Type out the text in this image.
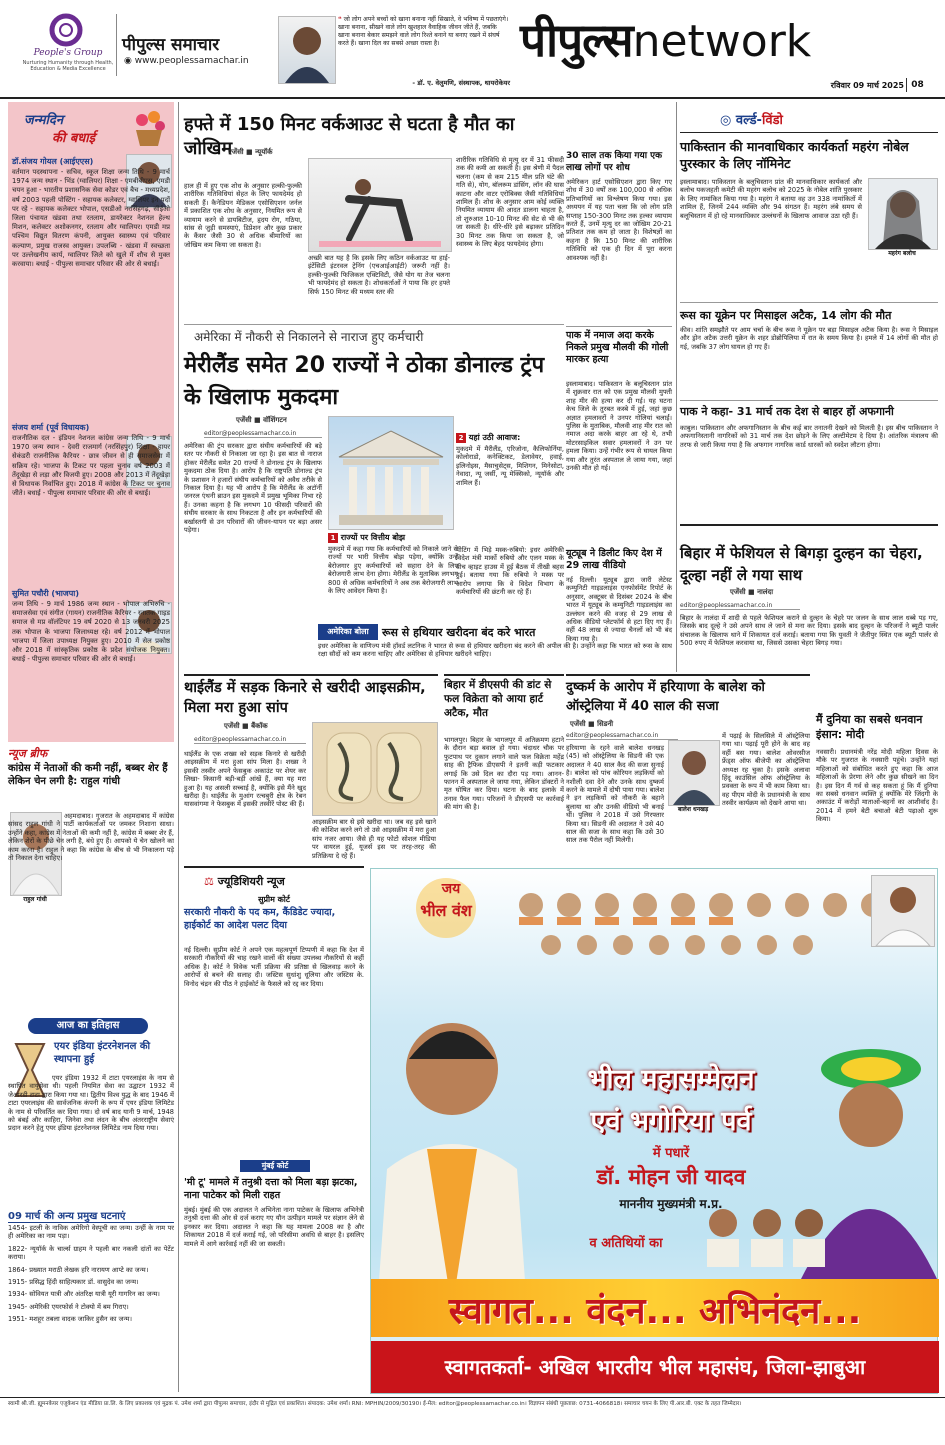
People's Group
Nurturing Humanity through Health, Education & Media Excellence
पीपुल्स समाचार
◉ www.peoplessamachar.in
❝ जो लोग अपने बच्चों को खाना बनाना नहीं सिखाते, वे भविष्य में पछताएंगे। खाना बनाना, सीखने वाले लोग खुशहाल वैवाहिक जीवन जीते हैं, जबकि खाना बनाना बेकार समझने वाले लोग रिश्ते बनाने या बनाए रखने में संघर्ष करते हैं। खाना दिल का सबसे अच्छा रास्ता है।
- डॉ. ए. वेलुमणि, संस्थापक, थायरोकेयर
पीपुल्सnetwork
रविवार 09 मार्च 2025 08
जन्मदिन
की बधाई
डॉ.संजय गोयल (आईएएस)
वर्तमान पदस्थापना - सचिव, स्कूल शिक्षा जन्म तिथि - 9 मार्च 1974 जन्म स्थान - भिंड (ग्वालियर) शिक्षा - एमबीबीएस, एमडी चयन हुआ - भारतीय प्रशासनिक सेवा कोडर एवं बैच - मध्यप्रदेश, वर्ष 2003 पहली पोस्टिंग - सहायक कलेक्टर, ग्वालियर इन पदों पर रहे - सहायक कलेक्टर भोपाल, एसडीओ नरसिंहगढ़, सीईओ जिला पंचायत खंडवा तथा रतलाम, डायरेक्टर नेशनल हेल्थ मिशन, कलेक्टर अशोकनगर, रतलाम और ग्वालियर। एमडी मप्र पश्चिम विद्युत वितरण कंपनी, आयुक्त स्वास्थ्य एवं परिवार कल्याण, प्रमुख राजस्व आयुक्त। उपलब्धि - खंडवा में स्वच्छता पर उल्लेखनीय कार्य, ग्वालियर जिले को खुले में शौच से मुक्त करवाया। बधाई - पीपुल्स समाचार परिवार की ओर से बधाई।
संजय शर्मा (पूर्व विधायक)
राजनीतिक दल - इंडियन नेशनल कांग्रेस जन्म तिथि - 9 मार्च 1970 जन्म स्थान - देवरी राजमार्ग (नरसिंहपुर) शिक्षा - हायर सेकंडरी राजनीतिक कैरियर - छात्र जीवन से ही समाजसेवा में सक्रिय रहे। भाजपा के टिकट पर पहला चुनाव वर्ष 2003 में तेंदूखेड़ा से लड़ा और विजयी हुए। 2008 और 2013 में तेंदूखेड़ा से विधायक निर्वाचित हुए। 2018 में कांग्रेस के टिकट पर चुनाव जीते। बधाई - पीपुल्स समाचार परिवार की ओर से बधाई।
सुमित पचौरी (भाजपा)
जन्म तिथि - 9 मार्च 1986 जन्म स्थान - भोपाल अभिरुचि - समाजसेवा एवं संगीत (गायन) राजनीतिक कैरियर - स्नातक गाइड समाज से मप्र वॉलंटियर 19 वर्ष 2020 से 13 जनवरी 2025 तक भोपाल के भाजपा जिलाध्यक्ष रहे। वर्ष 2012 में भोपाल भाजपा में जिला उपाध्यक्ष नियुक्त हुए। 2010 में सेल प्रकोष्ठ और 2018 में सांस्कृतिक प्रकोष्ठ के प्रदेश संयोजक नियुक्त। बधाई - पीपुल्स समाचार परिवार की ओर से बधाई।
न्यूज ब्रीफ
कांग्रेस में नेताओं की कमी नहीं, बब्बर शेर हैं लेकिन चेन लगी है: राहुल गांधी
राहुल गांधी
अहमदाबाद। गुजरात के अहमदाबाद में कांग्रेस सांसद राहुल गांधी ने पार्टी कार्यकर्ताओं पर जमकर निशाना साधा। उन्होंने कहा, कांग्रेस में नेताओं की कमी नहीं है, कांग्रेस में बब्बर शेर हैं, लेकिन शेरों के पीछे चेन लगी है, बंधे हुए हैं। आपको ये चेन खोलने का काम करना है। राहुल ने कहा कि कांग्रेस के बीच से भी निकालना पड़े तो निकाल देना चाहिए।
आज का इतिहास
एयर इंडिया इंटरनेशनल की स्थापना हुई
एयर इंडिया 1932 में टाटा एयरलाइंस के नाम से स्थापित वायुसेवा थी। पहली नियमित सेवा का उद्घाटन 1932 में जेआरडी टाटा द्वारा किया गया था। द्वितीय विश्व युद्ध के बाद 1946 में टाटा एयरलाइंस की सार्वजनिक कंपनी के रूप में एयर इंडिया लिमिटेड के नाम से परिवर्तित कर दिया गया। दो वर्ष बाद यानी 9 मार्च, 1948 को बंबई और काहिरा, जिनेवा तथा लंदन के बीच अंतरराष्ट्रीय सेवाएं प्रदान करने हेतु एयर इंडिया इंटरनेशनल लिमिटेड नाम दिया गया।
09 मार्च की अन्य प्रमुख घटनाएं
1454- इटली के नाविक अमेरिगो वेस्पूची का जन्म। उन्हीं के नाम पर ही अमेरिका का नाम पड़ा।
1822- न्यूयॉर्क के चार्ल्स ग्राहम ने पहली बार नकली दांतों का पेटेंट कराया।
1864- प्रख्यात मराठी लेखक हरि नारायण आप्टे का जन्म।
1915- प्रसिद्ध हिंदी साहित्यकार डॉ. वासुदेव का जन्म।
1934- सोवियत यात्री और अंतरिक्ष यात्री यूरी गागरिन का जन्म।
1945- अमेरिकी एयरफोर्स ने टोक्यो में बम गिराए।
1951- मशहूर तबला वादक जाकिर हुसैन का जन्म।
हफ्ते में 150 मिनट वर्कआउट से घटता है मौत का जोखिम
एजेंसी ■ न्यूयॉर्क
हाल ही में हुए एक शोध के अनुसार हल्की-फुल्की शारीरिक गतिविधियां सेहत के लिए फायदेमंद हो सकती हैं। कैनेडियन मेडिकल एसोसिएशन जर्नल में प्रकाशित एक शोध के अनुसार, नियमित रूप से व्यायाम करने से डायबिटीज, हृदय रोग, गठिया, सांस से जुड़ी समस्याएं, डिप्रेशन और कुछ प्रकार के कैंसर जैसी 30 से अधिक बीमारियों का जोखिम कम किया जा सकता है।
अच्छी बात यह है कि इसके लिए कठिन वर्कआउट या हाई-इंटेंसिटी इंटरवल ट्रेनिंग (एचआईआईटी) जरूरी नहीं है। हल्की-फुल्की फिजिकल एक्टिविटी, जैसे योग या तेज चलना भी फायदेमंद हो सकता है। शोधकर्ताओं ने पाया कि हर हफ्ते सिर्फ 150 मिनट की मध्यम स्तर की
शारीरिक गतिविधि से मृत्यु दर में 31 फीसदी तक की कमी आ सकती है। इस श्रेणी में पैदल चलना (कम से कम 215 मील प्रति घंटे की गति से), योग, बॉलरूम डांसिंग, लॉन की घास काटना और वाटर एरोबिक्स जैसी गतिविधियां शामिल हैं। शोध के अनुसार आम कोई व्यक्ति नियमित व्यायाम की आदत डालना चाहता है, तो शुरुआत 10-10 मिनट की सेट से भी की जा सकती है। धीरे-धीरे इसे बढ़ाकर प्रतिदिन 30 मिनट तक किया जा सकता है, जो स्वास्थ्य के लिए बेहद फायदेमंद होगा।
30 साल तक किया गया एक लाख लोगों पर शोध
अमेरिकन हार्ट एसोसिएशन द्वारा किए गए शोध में 30 वर्षों तक 100,000 से अधिक प्रतिभागियों का विश्लेषण किया गया। इस अध्ययन में यह पता चला कि जो लोग प्रति सप्ताह 150-300 मिनट तक हल्का व्यायाम करते हैं, उनमें मृत्यु दर का जोखिम 20-21 प्रतिशत तक कम हो जाता है। विशेषज्ञों का कहना है कि 150 मिनट की शारीरिक गतिविधि को एक ही दिन में पूरा करना आवश्यक नहीं है।
अमेरिका में नौकरी से निकालने से नाराज हुए कर्मचारी
मेरीलैंड समेत 20 राज्यों ने ठोका डोनाल्ड ट्रंप के खिलाफ मुकदमा
एजेंसी ■ वॉशिंगटन
editor@peoplessamachar.co.in
अमेरिका की ट्रंप सरकार द्वारा संघीय कर्मचारियों की बड़े स्तर पर नौकरी से निकाला जा रहा है। इस बात से नाराज होकर मेरीलैंड समेत 20 राज्यों ने डोनाल्ड ट्रंप के खिलाफ मुकदमा ठोक दिया है। आरोप है कि राष्ट्रपति डोनाल्ड ट्रंप के प्रशासन ने हजारों संघीय कर्मचारियों को अवैध तरीके से निकाल दिया है। यह भी आरोप है कि मेरीलैंड के अटॉर्नी जनरल एंथनी ब्राउन इस मुकदमे में प्रमुख भूमिका निभा रहे हैं। उनका कहना है कि लगभग 10 फीसदी परिवारों की संघीय सरकार के साथ निकटता है और इन कर्मचारियों की बर्खास्तगी से उन परिवारों की जीवन-यापन पर बड़ा असर पड़ेगा।
1 राज्यों पर वित्तीय बोझ
मुकदमे में कहा गया कि कर्मचारियों को निकाले जाने से राज्यों पर भारी वित्तीय बोझ पड़ेगा, क्योंकि उन्हें बेरोजगार हुए कर्मचारियों को सहारा देने के लिए बेरोजगारी लाभ देना होगा। मेरीलैंड के मुताबिक लगभग 800 से अधिक कर्मचारियों ने अब तक बेरोजगारी लाभ के लिए आवेदन किया है।
2 यहां उठी आवाज:
मुकदमे में मैरीलैंड, एरिजोना, कैलिफोर्निया, कोलोराडो, कनेक्टिकट, डेलावेयर, हवाई, इलिनोइस, मैसाचुसेट्स, मिशिगन, मिनेसोटा, नेवादा, न्यू जर्सी, न्यू मेक्सिको, न्यूयॉर्क और शामिल हैं।
मीटिंग में भिड़े मस्क-रुबियो: इधर अमेरिकी विदेश मंत्री मार्को रुबियो और एलन मस्क के बीच व्हाइट हाउस में हुई बैठक में तीखी बहस हुई। बताया गया कि रुबियो ने मस्क पर आरोप लगाया कि वे विदेश विभाग के कर्मचारियों की छंटनी कर रहे हैं।
अमेरिका बोला	रूस से हथियार खरीदना बंद करे भारत
इधर अमेरिका के वाणिज्य मंत्री हॉवर्ड लटनिक ने भारत से रूस से हथियार खरीदना बंद करने की अपील की है। उन्होंने कहा कि भारत को रूस के साथ रक्षा सौदों को कम करना चाहिए और अमेरिका से हथियार खरीदने चाहिए।
पाक में नमाज अदा करके निकले प्रमुख मौलवी की गोली मारकर हत्या
इस्लामाबाद। पाकिस्तान के बलूचिस्तान प्रांत में शुक्रवार रात को एक प्रमुख मौलवी मुफ्ती शाह मीर की हत्या कर दी गई। यह घटना केच जिले के तुरबत कस्बे में हुई, जहां कुछ अज्ञात हमलावरों ने उनपर गोलियां चलाईं। पुलिस के मुताबिक, मौलवी शाह मीर रात को नमाज अदा करके बाहर आ रहे थे, तभी मोटरसाइकिल सवार हमलावरों ने उन पर हमला किया। उन्हें गंभीर रूप से घायल किया गया और तुरंत अस्पताल ले जाया गया, जहां उनकी मौत हो गई।
यूट्यूब ने डिलीट किए देश में 29 लाख वीडियो
नई दिल्ली। यूट्यूब द्वारा जारी लेटेस्ट कम्युनिटी गाइडलाइंस एनफोर्समेंट रिपोर्ट के अनुसार, अक्टूबर से दिसंबर 2024 के बीच भारत में यूट्यूब के कम्युनिटी गाइडलाइंस का उल्लंघन करने की वजह से 29 लाख से अधिक वीडियो प्लेटफॉर्म से हटा दिए गए हैं। वहीं 48 लाख से ज्यादा चैनलों को भी बंद किया गया है।
◎ वर्ल्ड-विंडो
पाकिस्तान की मानवाधिकार कार्यकर्ता महरंग नोबेल पुरस्कार के लिए नॉमिनेट
इस्लामाबाद। पाकिस्तान के बलूचिस्तान प्रांत की मानवाधिकार कार्यकर्ता और बलोच यकजहती कमेटी की महरंग बलोच को 2025 के नोबेल शांति पुरस्कार के लिए नामांकित किया गया है। महरंग ने बताया वह उन 338 नामांकितों में शामिल हैं, जिनमें 244 व्यक्ति और 94 संगठन हैं। महरंग लंबे समय से बलूचिस्तान में हो रहे मानवाधिकार उल्लंघनों के खिलाफ आवाज उठा रही हैं।
महरंग बलोच
रूस का यूक्रेन पर मिसाइल अटैक, 14 लोग की मौत
कीव। शांति समझौते पर आम चर्चा के बीच रूस ने यूक्रेन पर बड़ा मिसाइल अटैक किया है। रूस ने मिसाइल और ड्रोन अटैक उत्तरी यूक्रेन के शहर डोब्रोपिलिया में रात के समय किया है। हमले में 14 लोगों की मौत हो गई, जबकि 37 लोग घायल हो गए हैं।
पाक ने कहा- 31 मार्च तक देश से बाहर हों अफगानी
काबुल। पाकिस्तान और अफगानिस्तान के बीच कई बार तनातनी देखने को मिलती है। इस बीच पाकिस्तान ने अफगानिस्तानी नागरिकों को 31 मार्च तक देश छोड़ने के लिए अल्टीमेटम दे दिया है। आंतरिक मंत्रालय की तरफ से जारी किया गया है कि अफगान नागरिक कार्ड धारकों को स्वदेश लौटना होगा।
बिहार में फेशियल से बिगड़ा दुल्हन का चेहरा, दूल्हा नहीं ले गया साथ
एजेंसी ■ नालंदा
editor@peoplessamachar.co.in
बिहार के नालंदा में शादी से पहले फेशियल कराने से दुल्हन के चेहरे पर जलन के साथ लाल धब्बे पड़ गए, जिसके बाद दूल्हे ने उसे अपने साथ ले जाने से मना कर दिया। इसके बाद दुल्हन के परिजनों ने ब्यूटी पार्लर संचालक के खिलाफ थाने में शिकायत दर्ज कराई। बताया गया कि युवती ने जैतीपुर स्थित एक ब्यूटी पार्लर से 500 रुपए में फेशियल करवाया था, जिससे उसका चेहरा बिगड़ गया।
मैं दुनिया का सबसे धनवान इंसान: मोदी
नवसारी। प्रधानमंत्री नरेंद्र मोदी महिला दिवस के मौके पर गुजरात के नवसारी पहुंचे। उन्होंने यहां महिलाओं को संबोधित करते हुए कहा कि आज महिलाओं के प्रेरणा लेने और कुछ सीखने का दिन है। इस दिन मैं गर्व से कह सकता हूं कि मैं दुनिया का सबसे धनवान व्यक्ति हूं क्योंकि मेरे जिंदगी के अकाउंट में करोड़ों माताओं-बहनों का आशीर्वाद है। 2014 में हमने बेटी बचाओ बेटी पढ़ाओ शुरू किया।
थाईलैंड में सड़क किनारे से खरीदी आइसक्रीम, मिला मरा हुआ सांप
एजेंसी ■ बैंकॉक
editor@peoplessamachar.co.in
थाईलैंड के एक शख्स को सड़क किनारे से खरीदी आइसक्रीम में मरा हुआ सांप मिला है। शख्स ने इसकी तस्वीर अपने फेसबुक अकाउंट पर शेयर कर लिखा- किसानी बड़ी-बड़ी आंखें हैं, क्या यह मरा हुआ है। यह असली सच्चाई है, क्योंकि इसे मैंने खुद खरीदा है। थाईलैंड के मुआंग रत्चबुरी क्षेत्र के रेबन यासवांगमा ने फेसबुक में इसकी तस्वीरें पोस्ट की हैं।
आइसक्रीम बार से इसे खरीदा था। जब वह इसे खाने की कोशिश करने लगे तो उसे आइसक्रीम में मरा हुआ सांप नजर आया। जैसे ही यह फोटो सोशल मीडिया पर वायरल हुई, यूजर्स इस पर तरह-तरह की प्रतिक्रिया दे रहे हैं।
बिहार में डीएसपी की डांट से फल विक्रेता को आया हार्ट अटैक, मौत
भागलपुर। बिहार के भागलपुर में अतिक्रमण हटाने के दौरान बड़ा बवाल हो गया। चंदाधर चौक पर फुटपाथ पर दुकान लगाने वाले फल विक्रेता महेंद्र साह की ट्रैफिक डीएसपी ने इतनी कड़ी फटकार लगाई कि उसे दिल का दौरा पड़ गया। आनन-फानन में अस्पताल ले जाया गया, लेकिन डॉक्टरों ने मृत घोषित कर दिया। घटना के बाद इलाके में तनाव फैल गया। परिजनों ने डीएसपी पर कार्रवाई की मांग की है।
दुष्कर्म के आरोप में हरियाणा के बालेश को ऑस्ट्रेलिया में 40 साल की सजा
एजेंसी ■ सिडनी
editor@peoplessamachar.co.in
हरियाणा के रहने वाले बालेश धनखड़ (45) को ऑस्ट्रेलिया के सिडनी की एक अदालत ने 40 साल कैद की सजा सुनाई है। बालेश को पांच कोरियन लड़कियों को नशीली दवा देने और उनके साथ दुष्कर्म करने के मामले में दोषी पाया गया। बालेश ने इन लड़कियों को नौकरी के बहाने बुलाया था और उनकी वीडियो भी बनाई थीं। पुलिस ने 2018 में उसे गिरफ्तार किया था। सिडनी की अदालत ने उसे 40 साल की सजा के साथ कहा कि उसे 30 साल तक पैरोल नहीं मिलेगी।
बालेश धनखड़
में पढ़ाई के सिलसिले में ऑस्ट्रेलिया गया था। पढ़ाई पूरी होने के बाद वह वहीं बस गया। बालेश ओवरसीज फ्रेंड्स ऑफ बीजेपी का ऑस्ट्रेलिया अध्यक्ष रह चुका है। इसके अलावा हिंदू काउंसिल ऑफ ऑस्ट्रेलिया के प्रवक्ता के रूप में भी काम किया था। वह पीएम मोदी के प्रधानमंत्री के साथ तस्वीर कार्यक्रम को देखने आया था।
⚖ ज्यूडिशियरी न्यूज
सुप्रीम कोर्ट
सरकारी नौकरी के पद कम, कैंडिडेट ज्यादा, हाईकोर्ट का आदेश पलट दिया
नई दिल्ली। सुप्रीम कोर्ट ने अपने एक महत्वपूर्ण टिप्पणी में कहा कि देश में सरकारी नौकरियों की चाह रखने वालों की संख्या उपलब्ध नौकरियों से कहीं अधिक है। कोर्ट ने विवेक भर्ती प्रक्रिया की प्रतिष्ठा से खिलवाड़ करने के आरोपों से बचने की सलाह दी। जस्टिस सुधांशु धूलिया और जस्टिस के. विनोद चंद्रन की पीठ ने हाईकोर्ट के फैसले को रद्द कर दिया।
मुंबई कोर्ट
'मी टू' मामले में तनुश्री दत्ता को मिला बड़ा झटका, नाना पाटेकर को मिली राहत
मुंबई। मुंबई की एक अदालत ने अभिनेता नाना पाटेकर के खिलाफ अभिनेत्री तनुश्री दत्ता की ओर से दर्ज कराए गए यौन उत्पीड़न मामले पर संज्ञान लेने से इनकार कर दिया। अदालत ने कहा कि यह मामला 2008 का है और शिकायत 2018 में दर्ज कराई गई, जो परिसीमा अवधि से बाहर है। इसलिए मामले में आगे कार्रवाई नहीं की जा सकती।
जय
भील वंश
भील महासम्मेलन
एवं भगोरिया पर्व
में पधारें
डॉ. मोहन जी यादव
माननीय मुख्यमंत्री म.प्र.
व अतिथियों का
स्वागत... वंदन... अभिनंदन...
स्वागतकर्ता- अखिल भारतीय भील महासंघ, जिला-झाबुआ
स्वामी श्री.जी. ह्यूमनकेयर एजुकेशन एंड मीडिया प्रा.लि. के लिए प्रकाशक एवं मुद्रक पं. उमेश शर्मा द्वारा पीपुल्स समाचार, इंदौर से मुद्रित एवं प्रकाशित। संपादक: उमेश शर्मा। RNI: MPHIN/2009/30190। ई-मेल: editor@peoplessamachar.co.in। विज्ञापन संबंधी पूछताछ: 0731-4066818। समाचार चयन के लिए पी.आर.बी. एक्ट के तहत जिम्मेदार।
